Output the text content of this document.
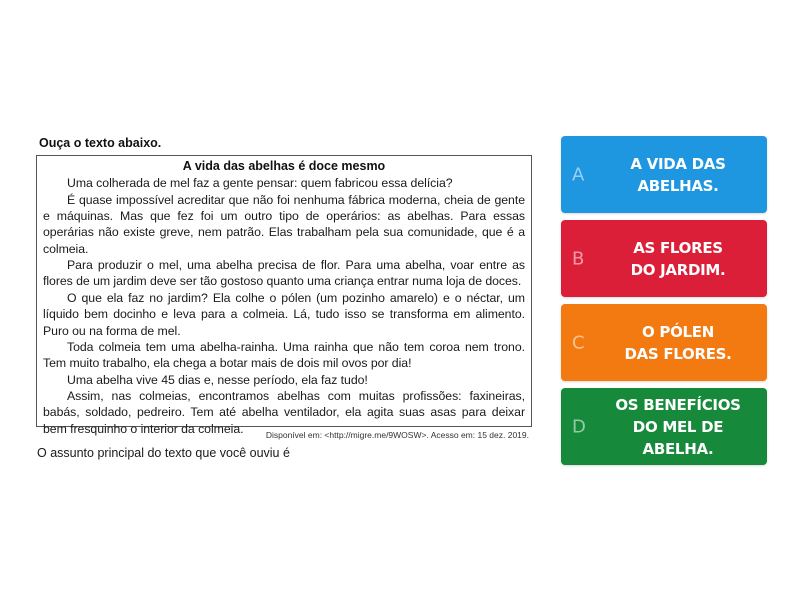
Ouça o texto abaixo.
A vida das abelhas é doce mesmo

Uma colherada de mel faz a gente pensar: quem fabricou essa delícia?

É quase impossível acreditar que não foi nenhuma fábrica moderna, cheia de gente e máquinas. Mas que fez foi um outro tipo de operários: as abelhas. Para essas operárias não existe greve, nem patrão. Elas trabalham pela sua comunidade, que é a colmeia.

Para produzir o mel, uma abelha precisa de flor. Para uma abelha, voar entre as flores de um jardim deve ser tão gostoso quanto uma criança entrar numa loja de doces.

O que ela faz no jardim? Ela colhe o pólen (um pozinho amarelo) e o néctar, um líquido bem docinho e leva para a colmeia. Lá, tudo isso se transforma em alimento. Puro ou na forma de mel.

Toda colmeia tem uma abelha-rainha. Uma rainha que não tem coroa nem trono. Tem muito trabalho, ela chega a botar mais de dois mil ovos por dia!

Uma abelha vive 45 dias e, nesse período, ela faz tudo!

Assim, nas colmeias, encontramos abelhas com muitas profissões: faxineiras, babás, soldado, pedreiro. Tem até abelha ventilador, ela agita suas asas para deixar bem fresquinho o interior da colmeia.	Disponível em: <http://migre.me/9WOSW>. Acesso em: 15 dez. 2019.
O assunto principal do texto que você ouviu é
A
A VIDA DAS
ABELHAS.
B
AS FLORES
DO JARDIM.
C
O PÓLEN
DAS FLORES.
D
OS BENEFÍCIOS
DO MEL DE
ABELHA.
